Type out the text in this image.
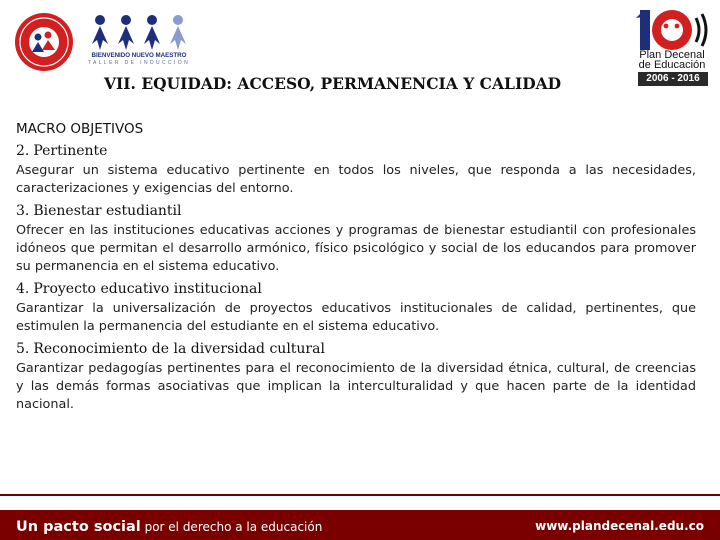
BIENVENIDO NUEVO MAESTRO
TALLER DE INDUCCION
Plan Decenal
de Educación
2006 - 2016
VII. EQUIDAD: ACCESO, PERMANENCIA Y CALIDAD
MACRO OBJETIVOS
2. Pertinente
Asegurar un sistema educativo pertinente en todos los niveles, que responda a las necesidades, caracterizaciones y exigencias del entorno.
3. Bienestar estudiantil
Ofrecer en las instituciones educativas acciones y programas de bienestar estudiantil con profesionales idóneos que permitan el desarrollo armónico, físico psicológico y social de los educandos para promover su permanencia en el sistema educativo.
4. Proyecto educativo institucional
Garantizar la universalización de proyectos educativos institucionales de calidad, pertinentes, que estimulen la permanencia del estudiante en el sistema educativo.
5. Reconocimiento de la diversidad cultural
Garantizar pedagogías pertinentes para el reconocimiento de la diversidad étnica, cultural, de creencias y las demás formas asociativas que implican la interculturalidad y que hacen parte de la identidad nacional.
Un pacto social por el derecho a la educación	www.plandecenal.edu.co
